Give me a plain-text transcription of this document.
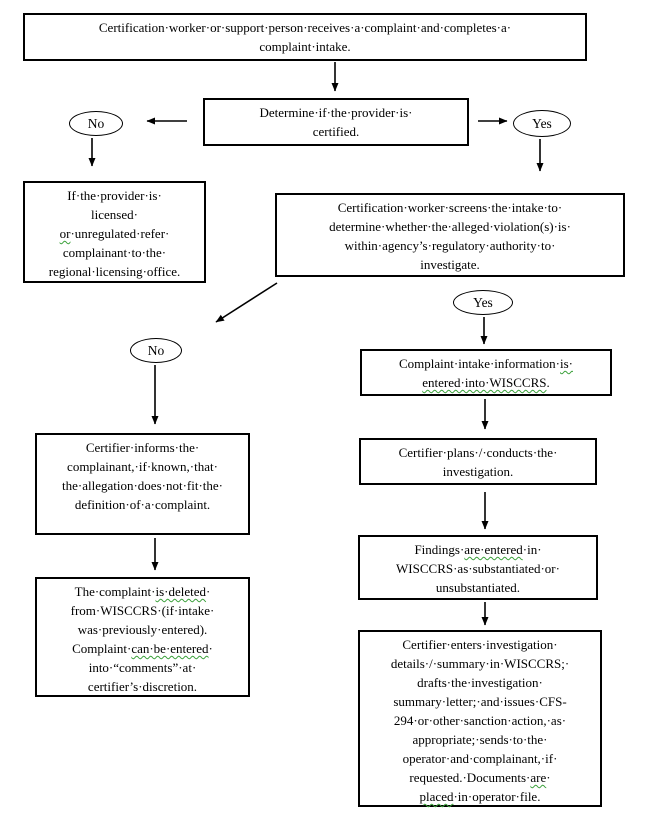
Certification·worker·or·support·person·receives·a·complaint·and·completes·a·
complaint·intake.
Determine·if·the·provider·is·
certified.
No	Yes
If·the·provider·is·
licensed·
or·unregulated·refer·
complainant·to·the·
regional·licensing·office.
Certification·worker·screens·the·intake·to·
determine·whether·the·alleged·violation(s)·is·
within·agency’s·regulatory·authority·to·
investigate.
No
Yes
Complaint·intake·information·is·
entered·into·WISCCRS.
Certifier·plans·/·conducts·the·
investigation.
Findings·are·entered·in·
WISCCRS·as·substantiated·or·
unsubstantiated.
Certifier·informs·the·
complainant,·if·known,·that·
the·allegation·does·not·fit·the·
definition·of·a·complaint.
The·complaint·is·deleted·
from·WISCCRS·(if·intake·
was·previously·entered).
Complaint·can·be·entered·
into·“comments”·at·
certifier’s·discretion.
Certifier·enters·investigation·
details·/·summary·in·WISCCRS;·
drafts·the·investigation·
summary·letter;·and·issues·CFS-
294·or·other·sanction·action,·as·
appropriate;·sends·to·the·
operator·and·complainant,·if·
requested.·Documents·are·
placed·in·operator·file.
